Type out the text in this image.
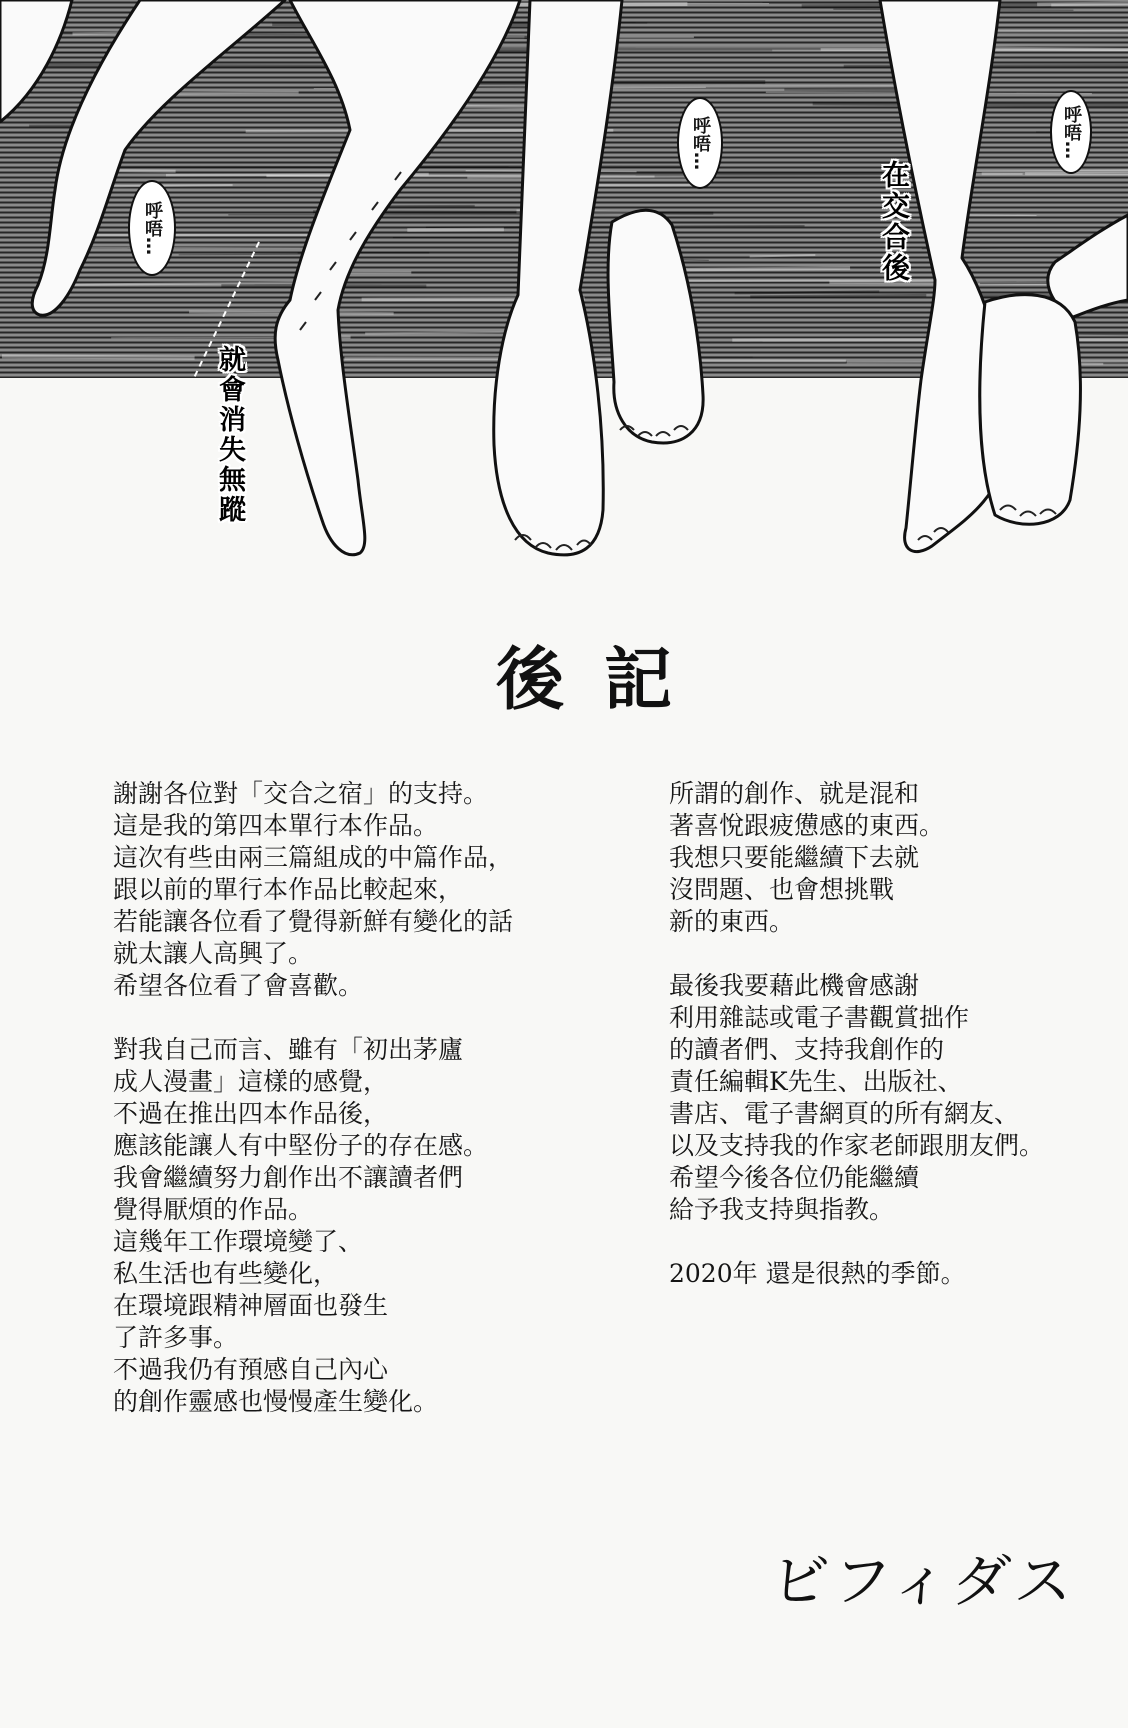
呼唔…
呼唔…	呼唔…
在交合後
就會消失無蹤
後記
謝謝各位對「交合之宿」的支持。
這是我的第四本單行本作品。
這次有些由兩三篇組成的中篇作品，
跟以前的單行本作品比較起來，
若能讓各位看了覺得新鮮有變化的話
就太讓人高興了。
希望各位看了會喜歡。
對我自己而言、雖有「初出茅廬
成人漫畫」這樣的感覺，
不過在推出四本作品後，
應該能讓人有中堅份子的存在感。
我會繼續努力創作出不讓讀者們
覺得厭煩的作品。
這幾年工作環境變了、
私生活也有些變化，
在環境跟精神層面也發生
了許多事。
不過我仍有預感自己內心
的創作靈感也慢慢產生變化。
所謂的創作、就是混和
著喜悅跟疲憊感的東西。
我想只要能繼續下去就
沒問題、也會想挑戰
新的東西。
最後我要藉此機會感謝
利用雜誌或電子書觀賞拙作
的讀者們、支持我創作的
責任編輯K先生、出版社、
書店、電子書網頁的所有網友、
以及支持我的作家老師跟朋友們。
希望今後各位仍能繼續
給予我支持與指教。
2020年 還是很熱的季節。
ビフィダス
